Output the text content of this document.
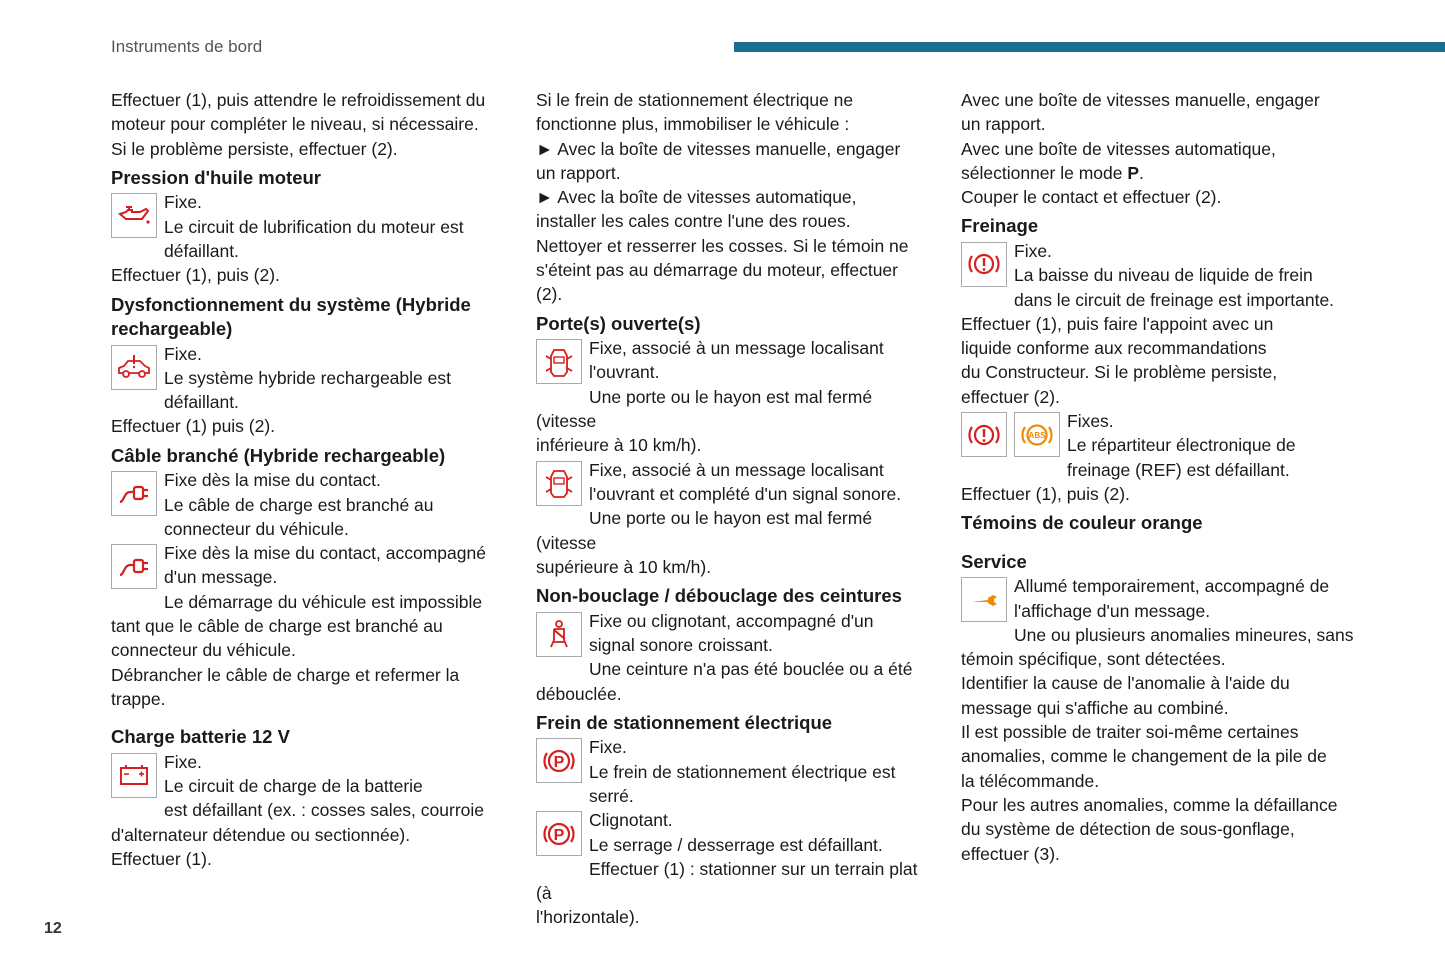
Instruments de bord
12

Effectuer (1), puis attendre le refroidissement du
moteur pour compléter le niveau, si nécessaire.
Si le problème persiste, effectuer (2).

Pression d'huile moteur

Fixe.
Le circuit de lubrification du moteur est
défaillant.
Effectuer (1), puis (2).

Dysfonctionnement du système (Hybride
rechargeable)

Fixe.
Le système hybride rechargeable est
défaillant.
Effectuer (1) puis (2).

Câble branché (Hybride rechargeable)

Fixe dès la mise du contact.
Le câble de charge est branché au
connecteur du véhicule.

Fixe dès la mise du contact, accompagné
d'un message.
Le démarrage du véhicule est impossible
tant que le câble de charge est branché au
connecteur du véhicule.
Débrancher le câble de charge et refermer la
trappe.

Charge batterie 12 V

Fixe.
Le circuit de charge de la batterie
est défaillant (ex. : cosses sales, courroie
d'alternateur détendue ou sectionnée).
Effectuer (1).

Si le frein de stationnement électrique ne
fonctionne plus, immobiliser le véhicule :
► Avec la boîte de vitesses manuelle, engager
un rapport.
► Avec la boîte de vitesses automatique,
installer les cales contre l'une des roues.
Nettoyer et resserrer les cosses. Si le témoin ne
s'éteint pas au démarrage du moteur, effectuer
(2).

Porte(s) ouverte(s)

Fixe, associé à un message localisant
l'ouvrant.
Une porte ou le hayon est mal fermé (vitesse
inférieure à 10 km/h).

Fixe, associé à un message localisant
l'ouvrant et complété d'un signal sonore.
Une porte ou le hayon est mal fermé (vitesse
supérieure à 10 km/h).

Non-bouclage / débouclage des ceintures

Fixe ou clignotant, accompagné d'un
signal sonore croissant.
Une ceinture n'a pas été bouclée ou a été
débouclée.

Frein de stationnement électrique
P

Fixe.
Le frein de stationnement électrique est
serré.

P

Clignotant.
Le serrage / desserrage est défaillant.
Effectuer (1) : stationner sur un terrain plat (à
l'horizontale).

Avec une boîte de vitesses manuelle, engager
un rapport.
Avec une boîte de vitesses automatique,
sélectionner le mode P.
Couper le contact et effectuer (2).

Freinage

Fixe.
La baisse du niveau de liquide de frein
dans le circuit de freinage est importante.
Effectuer (1), puis faire l'appoint avec un
liquide conforme aux recommandations
du Constructeur. Si le problème persiste,
effectuer (2).

ABS

Fixes.
Le répartiteur électronique de
freinage (REF) est défaillant.
Effectuer (1), puis (2).

Témoins de couleur orange
Service

Allumé temporairement, accompagné de
l'affichage d'un message.
Une ou plusieurs anomalies mineures, sans
témoin spécifique, sont détectées.
Identifier la cause de l'anomalie à l'aide du
message qui s'affiche au combiné.
Il est possible de traiter soi-même certaines
anomalies, comme le changement de la pile de
la télécommande.
Pour les autres anomalies, comme la défaillance
du système de détection de sous-gonflage,
effectuer (3).
